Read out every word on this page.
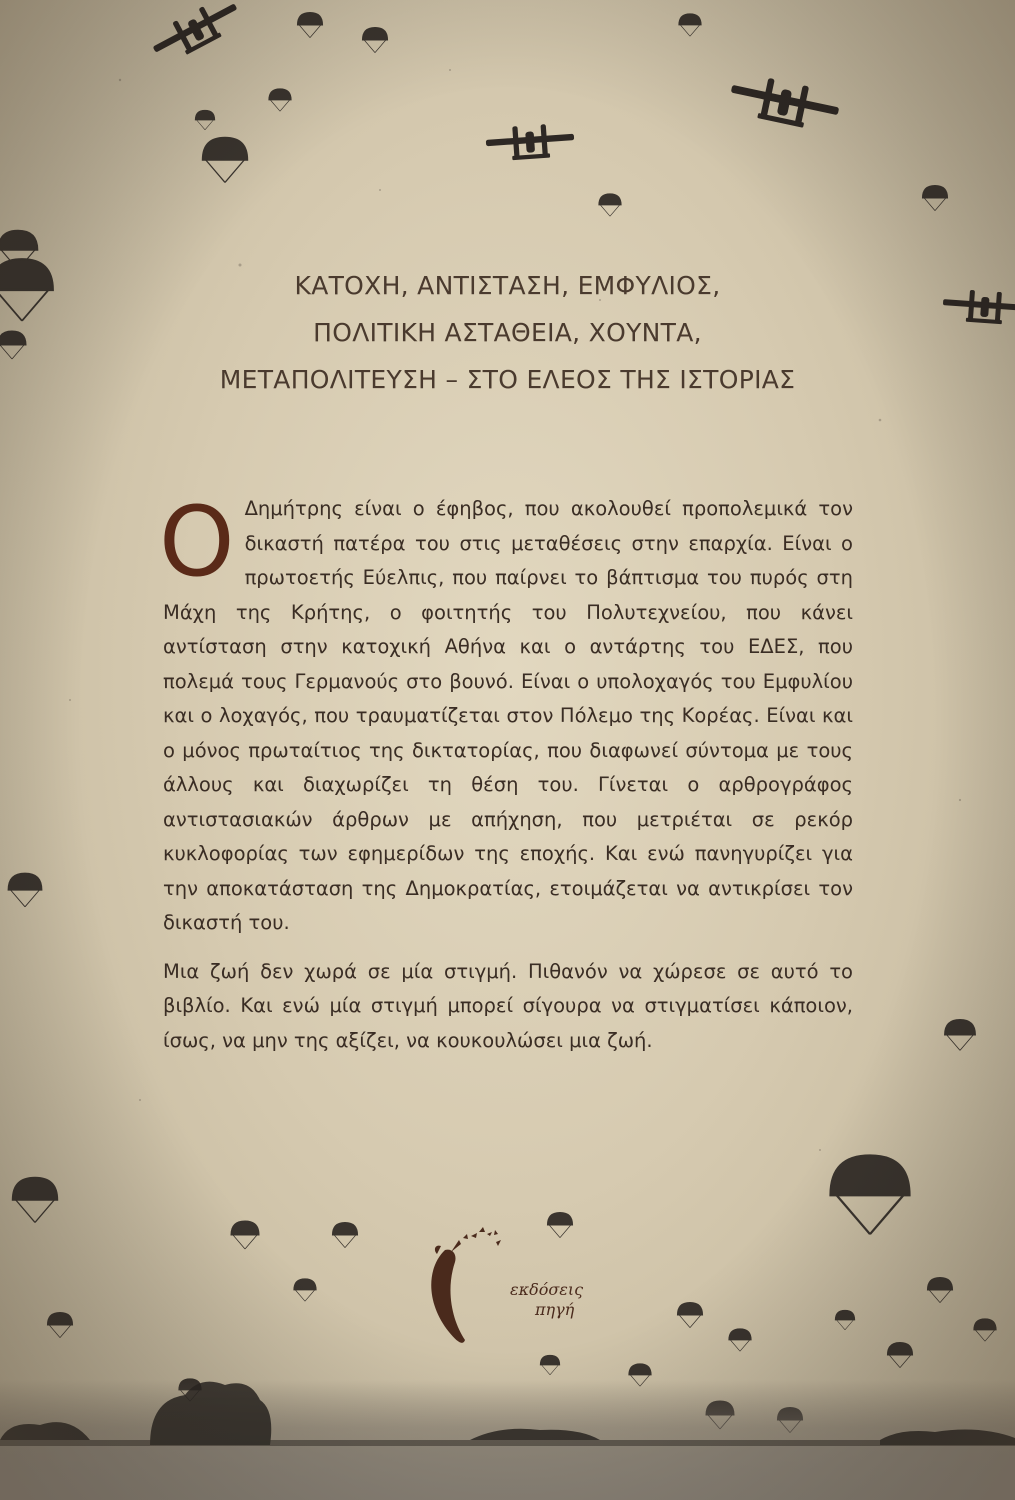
ΚΑΤΟΧΗ, ΑΝΤΙΣΤΑΣΗ, ΕΜΦΥΛΙΟΣ,
ΠΟΛΙΤΙΚΗ ΑΣΤΑΘΕΙΑ, ΧΟΥΝΤΑ,
ΜΕΤΑΠΟΛΙΤΕΥΣΗ – ΣΤΟ ΕΛΕΟΣ ΤΗΣ ΙΣΤΟΡΙΑΣ

Ο Δημήτρης είναι ο έφηβος, που ακολουθεί προπολεμικά τον δικαστή πατέρα του στις μεταθέσεις στην επαρχία. Είναι ο πρωτοετής Εύελπις, που παίρνει το βάπτισμα του πυρός στη Μάχη της Κρήτης, ο φοιτητής του Πολυτεχνείου, που κάνει αντίσταση στην κατοχική Αθήνα και ο αντάρτης του ΕΔΕΣ, που πολεμά τους Γερμανούς στο βουνό. Είναι ο υπολοχαγός του Εμφυλίου και ο λοχαγός, που τραυματίζεται στον Πόλεμο της Κορέας. Είναι και ο μόνος πρωταίτιος της δικτατορίας, που διαφωνεί σύντομα με τους άλλους και διαχωρίζει τη θέση του. Γίνεται ο αρθρογράφος αντιστασιακών άρθρων με απήχηση, που μετριέται σε ρεκόρ κυκλοφορίας των εφημερίδων της εποχής. Και ενώ πανηγυρίζει για την αποκατάσταση της Δημοκρατίας, ετοιμάζεται να αντικρίσει τον δικαστή του.

Μια ζωή δεν χωρά σε μία στιγμή. Πιθανόν να χώρεσε σε αυτό το βιβλίο. Και ενώ μία στιγμή μπορεί σίγουρα να στιγματίσει κάποιον, ίσως, να μην της αξίζει, να κουκουλώσει μια ζωή.

εκδόσεις
πηγή
